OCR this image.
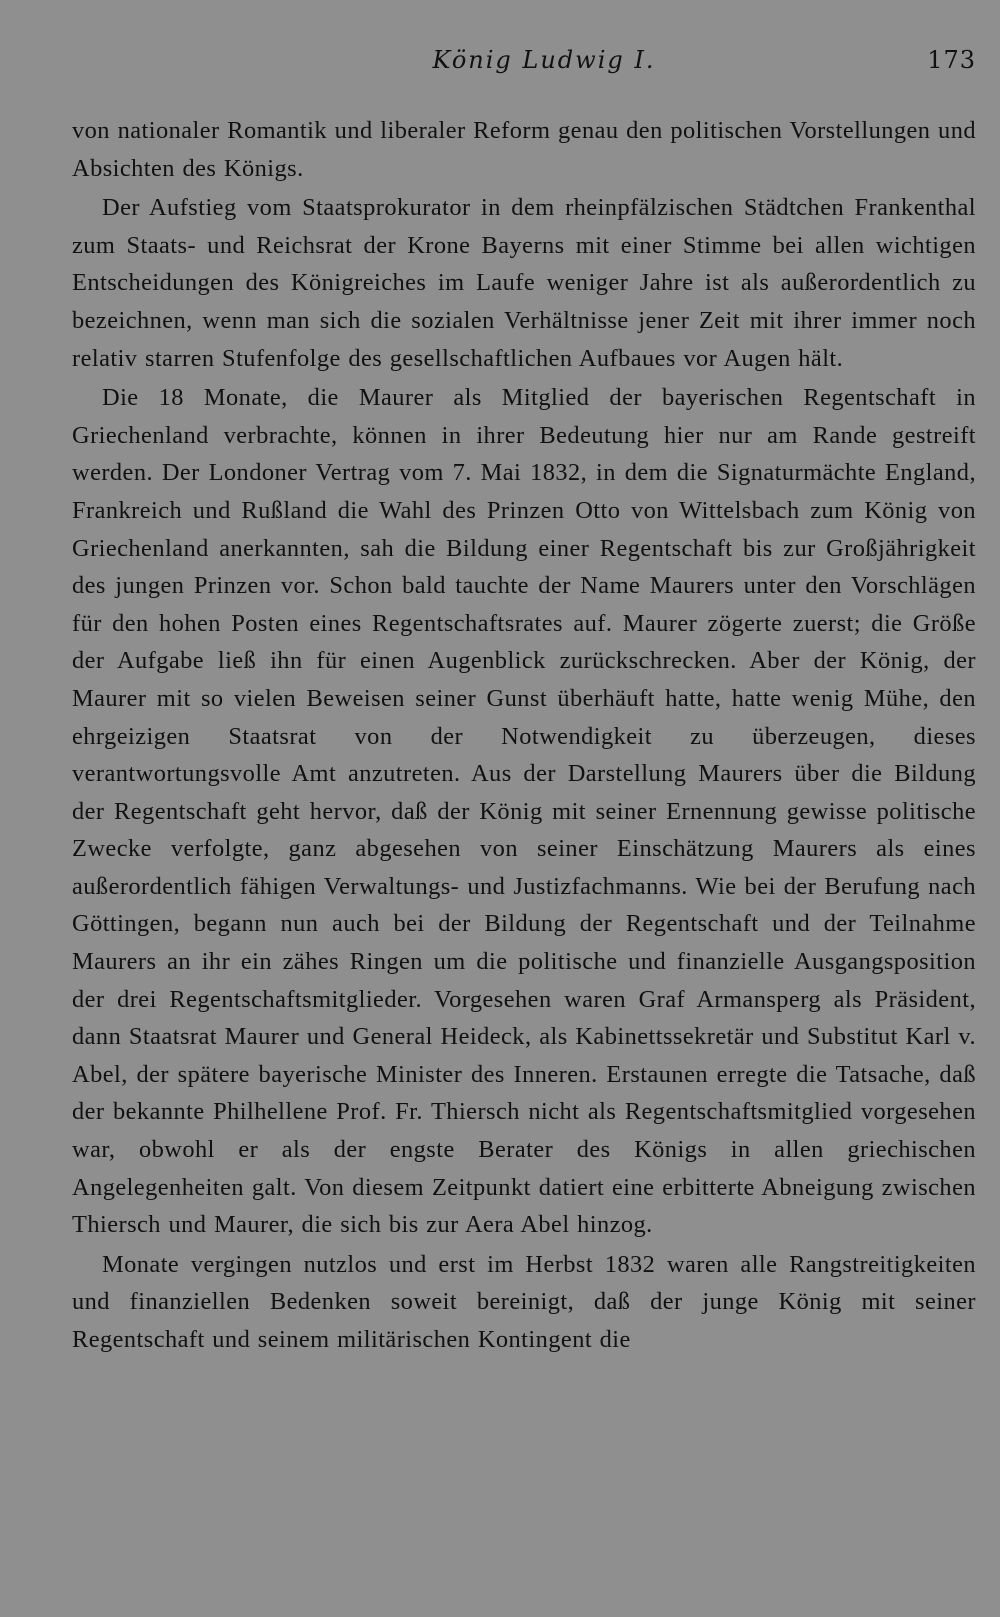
König Ludwig I.	173

von nationaler Romantik und liberaler Reform genau den politischen Vorstellungen und Absichten des Königs.

Der Aufstieg vom Staatsprokurator in dem rheinpfälzischen Städtchen Frankenthal zum Staats- und Reichsrat der Krone Bayerns mit einer Stimme bei allen wichtigen Entscheidungen des Königreiches im Laufe weniger Jahre ist als außerordentlich zu bezeichnen, wenn man sich die sozialen Verhältnisse jener Zeit mit ihrer immer noch relativ starren Stufenfolge des gesellschaftlichen Aufbaues vor Augen hält.

Die 18 Monate, die Maurer als Mitglied der bayerischen Regentschaft in Griechenland verbrachte, können in ihrer Bedeutung hier nur am Rande gestreift werden. Der Londoner Vertrag vom 7. Mai 1832, in dem die Signaturmächte England, Frankreich und Rußland die Wahl des Prinzen Otto von Wittelsbach zum König von Griechenland anerkannten, sah die Bildung einer Regentschaft bis zur Großjährigkeit des jungen Prinzen vor. Schon bald tauchte der Name Maurers unter den Vorschlägen für den hohen Posten eines Regentschaftsrates auf. Maurer zögerte zuerst; die Größe der Aufgabe ließ ihn für einen Augenblick zurückschrecken. Aber der König, der Maurer mit so vielen Beweisen seiner Gunst überhäuft hatte, hatte wenig Mühe, den ehrgeizigen Staatsrat von der Notwendigkeit zu überzeugen, dieses verantwortungsvolle Amt anzutreten. Aus der Darstellung Maurers über die Bildung der Regentschaft geht hervor, daß der König mit seiner Ernennung gewisse politische Zwecke verfolgte, ganz abgesehen von seiner Einschätzung Maurers als eines außerordentlich fähigen Verwaltungs- und Justizfachmanns. Wie bei der Berufung nach Göttingen, begann nun auch bei der Bildung der Regentschaft und der Teilnahme Maurers an ihr ein zähes Ringen um die politische und finanzielle Ausgangsposition der drei Regentschaftsmitglieder. Vorgesehen waren Graf Armansperg als Präsident, dann Staatsrat Maurer und General Heideck, als Kabinettssekretär und Substitut Karl v. Abel, der spätere bayerische Minister des Inneren. Erstaunen erregte die Tatsache, daß der bekannte Philhellene Prof. Fr. Thiersch nicht als Regentschaftsmitglied vorgesehen war, obwohl er als der engste Berater des Königs in allen griechischen Angelegenheiten galt. Von diesem Zeitpunkt datiert eine erbitterte Abneigung zwischen Thiersch und Maurer, die sich bis zur Aera Abel hinzog.

Monate vergingen nutzlos und erst im Herbst 1832 waren alle Rangstreitigkeiten und finanziellen Bedenken soweit bereinigt, daß der junge König mit seiner Regentschaft und seinem militärischen Kontingent die
